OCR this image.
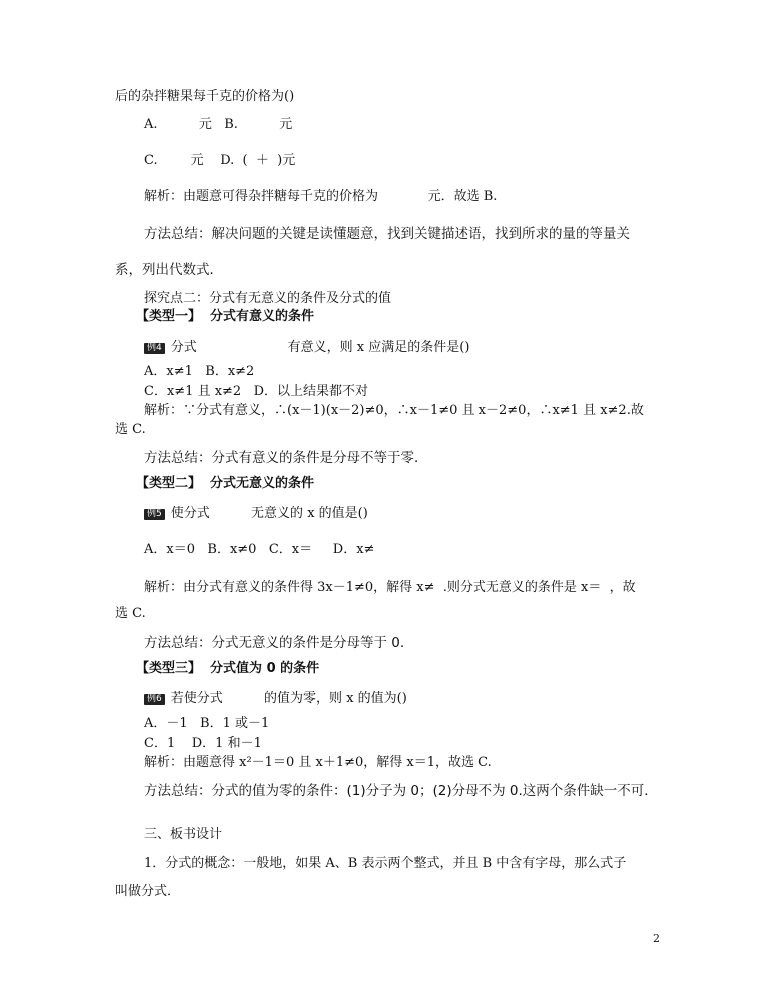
后的杂拌糖果每千克的价格为()
A.          元   B.          元
C.        元    D.  (  ＋  )元
解析：由题意可得杂拌糖每千克的价格为            元．故选 B.
方法总结：解决问题的关键是读懂题意，找到关键描述语，找到所求的量的等量关
系，列出代数式．
探究点二：分式有无意义的条件及分式的值
【类型一】  分式有意义的条件
例4 分式                      有意义，则 x 应满足的条件是()
A．x≠1   B．x≠2
C．x≠1 且 x≠2   D．以上结果都不对
解析：∵分式有意义，∴(x－1)(x－2)≠0，∴x－1≠0 且 x－2≠0，∴x≠1 且 x≠2.故
选 C.
方法总结：分式有意义的条件是分母不等于零．
【类型二】  分式无意义的条件
例5 使分式          无意义的 x 的值是()
A．x＝0   B．x≠0   C．x＝     D．x≠
解析：由分式有意义的条件得 3x－1≠0，解得 x≠  .则分式无意义的条件是 x＝  ，故
选 C.
方法总结：分式无意义的条件是分母等于 0.
【类型三】  分式值为 0 的条件
例6 若使分式          的值为零，则 x 的值为()
A．－1   B．1 或－1
C．1    D．1 和－1
解析：由题意得 x²－1＝0 且 x＋1≠0，解得 x＝1，故选 C.
方法总结：分式的值为零的条件：(1)分子为 0；(2)分母不为 0.这两个条件缺一不可．
三、板书设计
1．分式的概念：一般地，如果 A、B 表示两个整式，并且 B 中含有字母，那么式子
叫做分式．
2
